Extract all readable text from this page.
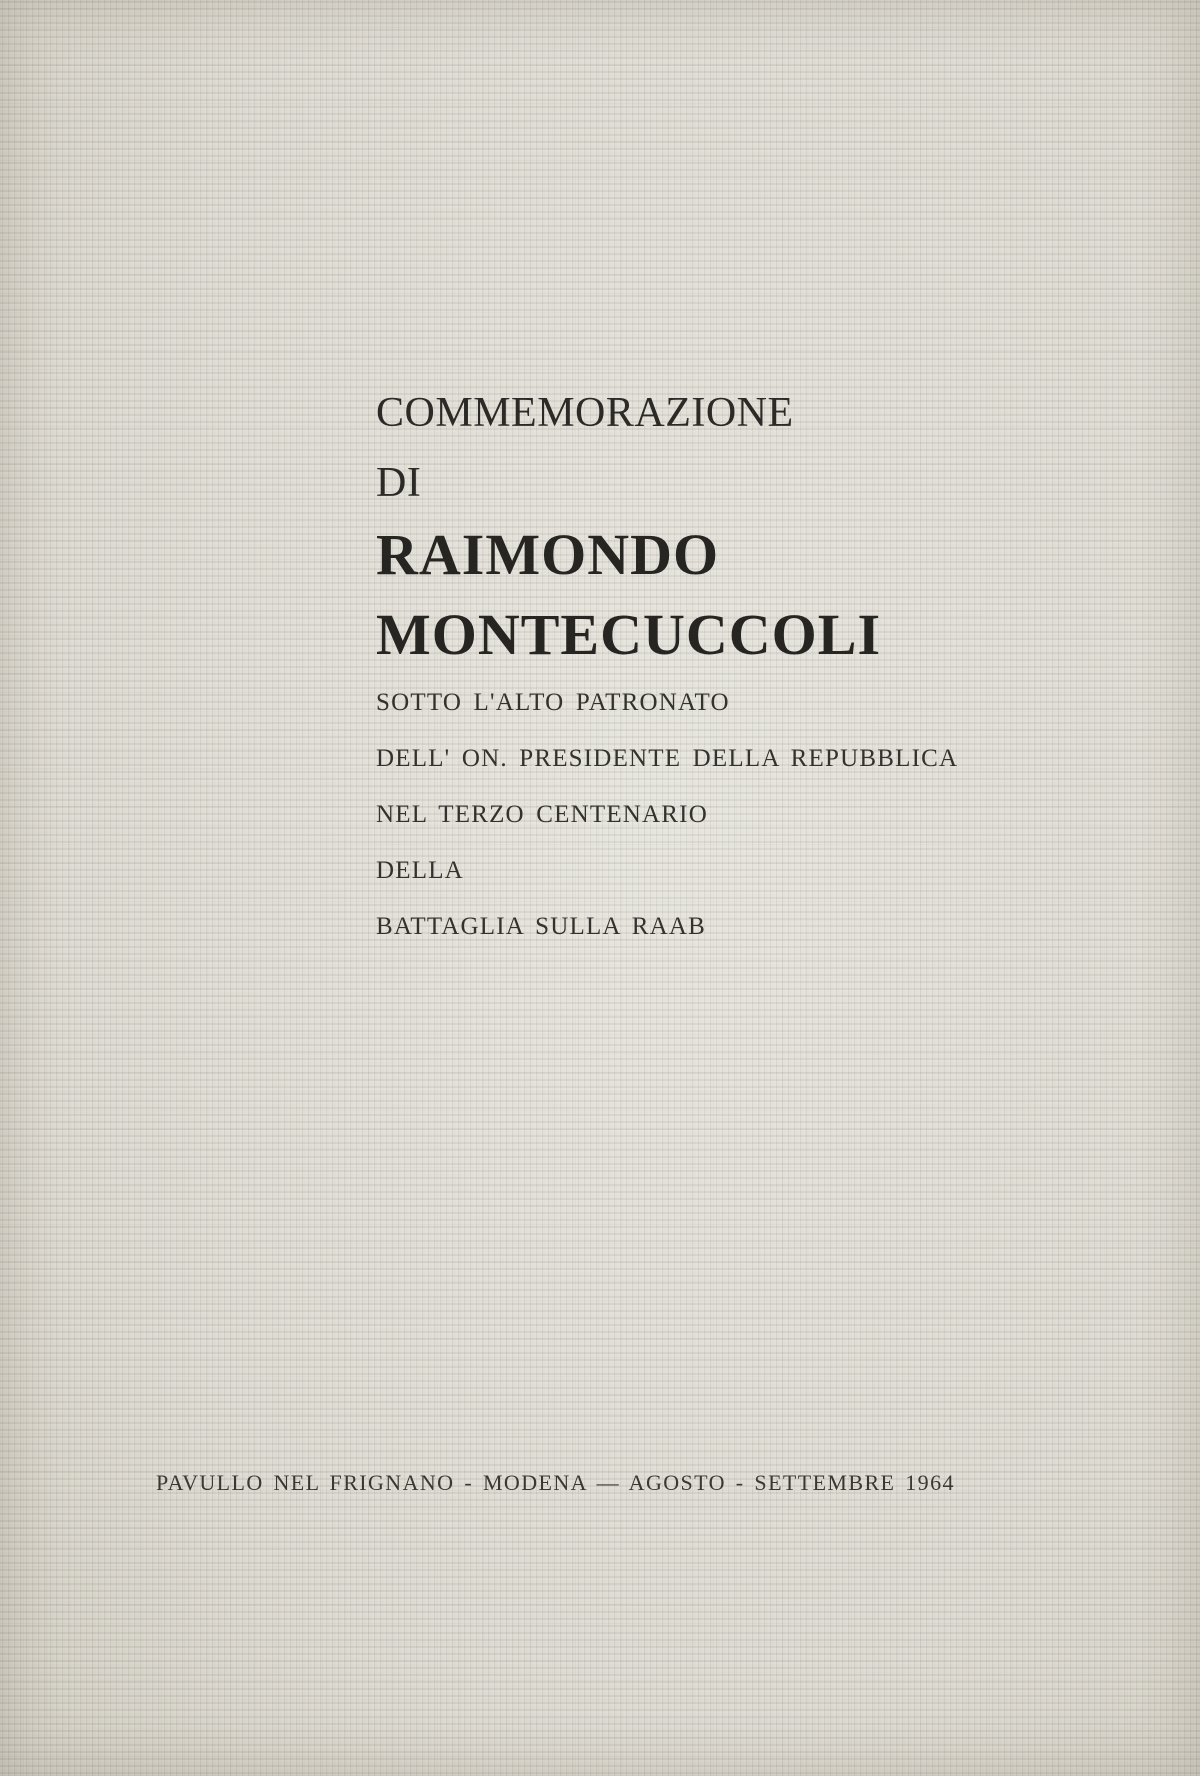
COMMEMORAZIONE
DI
RAIMONDO
MONTECUCCOLI

SOTTO L'ALTO PATRONATO

DELL' ON. PRESIDENTE DELLA REPUBBLICA

NEL TERZO CENTENARIO

DELLA

BATTAGLIA SULLA RAAB

PAVULLO NEL FRIGNANO - MODENA — AGOSTO - SETTEMBRE 1964
